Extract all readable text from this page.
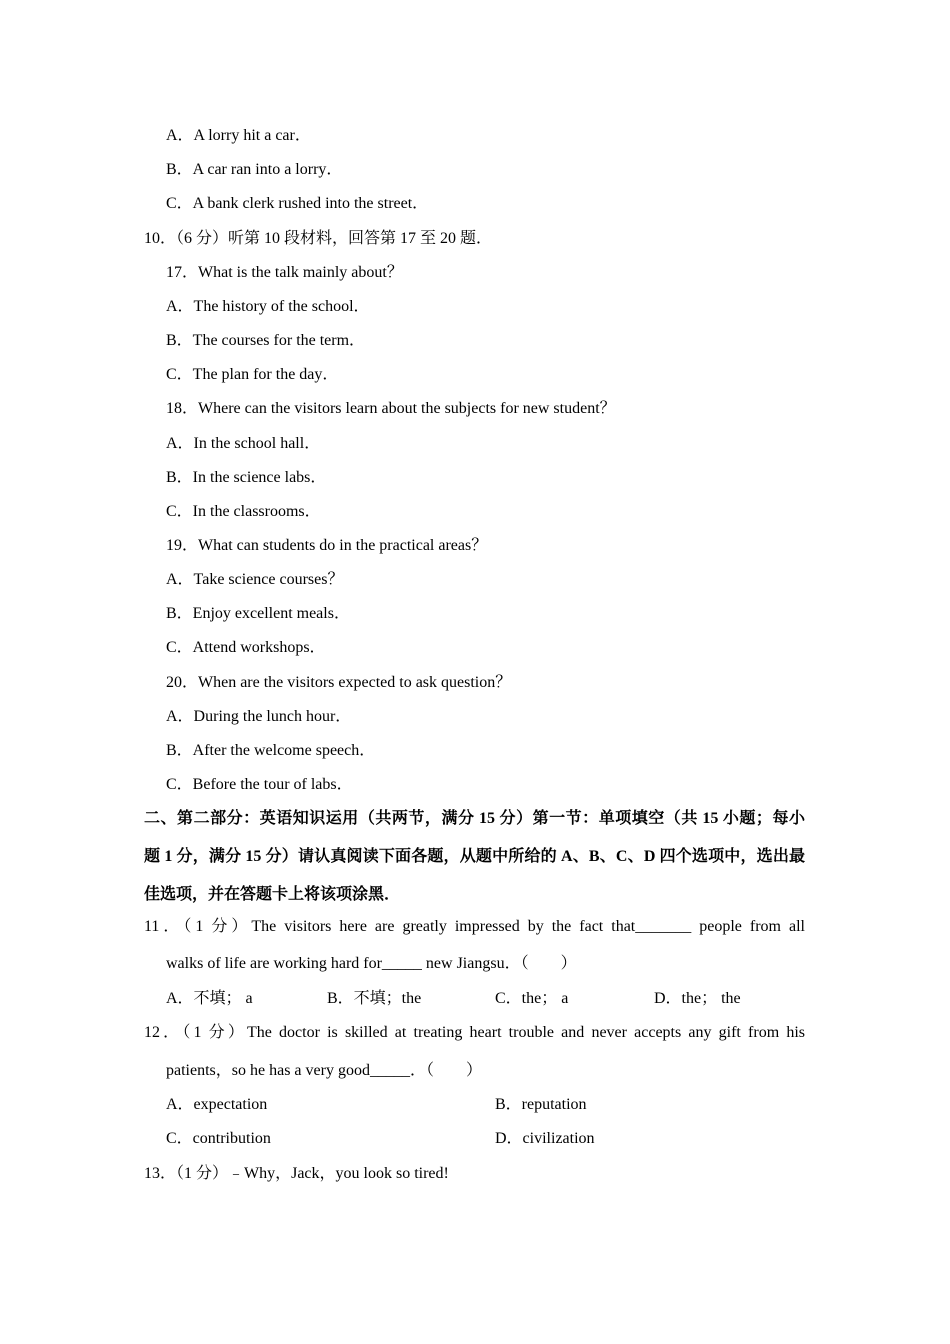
A．A lorry hit a car．
B．A car ran into a lorry．
C．A bank clerk rushed into the street．
10．（6 分）听第 10 段材料，回答第 17 至 20 题．
17．What is the talk mainly about？
A．The history of the school．
B．The courses for the term．
C．The plan for the day．
18．Where can the visitors learn about the subjects for new student？
A．In the school hall．
B．In the science labs．
C．In the classrooms．
19．What can students do in the practical areas？
A．Take science courses？
B．Enjoy excellent meals．
C．Attend workshops．
20．When are the visitors expected to ask question？
A．During the lunch hour．
B．After the welcome speech．
C．Before the tour of labs．
二、第二部分：英语知识运用（共两节，满分 15 分）第一节：单项填空（共 15 小题；每小
题 1 分，满分 15 分）请认真阅读下面各题，从题中所给的 A、B、C、D 四个选项中，选出最
佳选项，并在答题卡上将该项涂黑．
11．（1 分）The visitors here are greatly impressed by the fact that_______ people from all
walks of life are working hard for_____ new Jiangsu．（　　）
A．不填； a	B．不填；the	C．the； a	D．the； the
12．（1 分）The doctor is skilled at treating heart trouble and never accepts any gift from his
patients，so he has a very good_____．（　　）
A．expectation	B．reputation
C．contribution	D．civilization
13．（1 分）﹣Why，Jack，you look so tired!
